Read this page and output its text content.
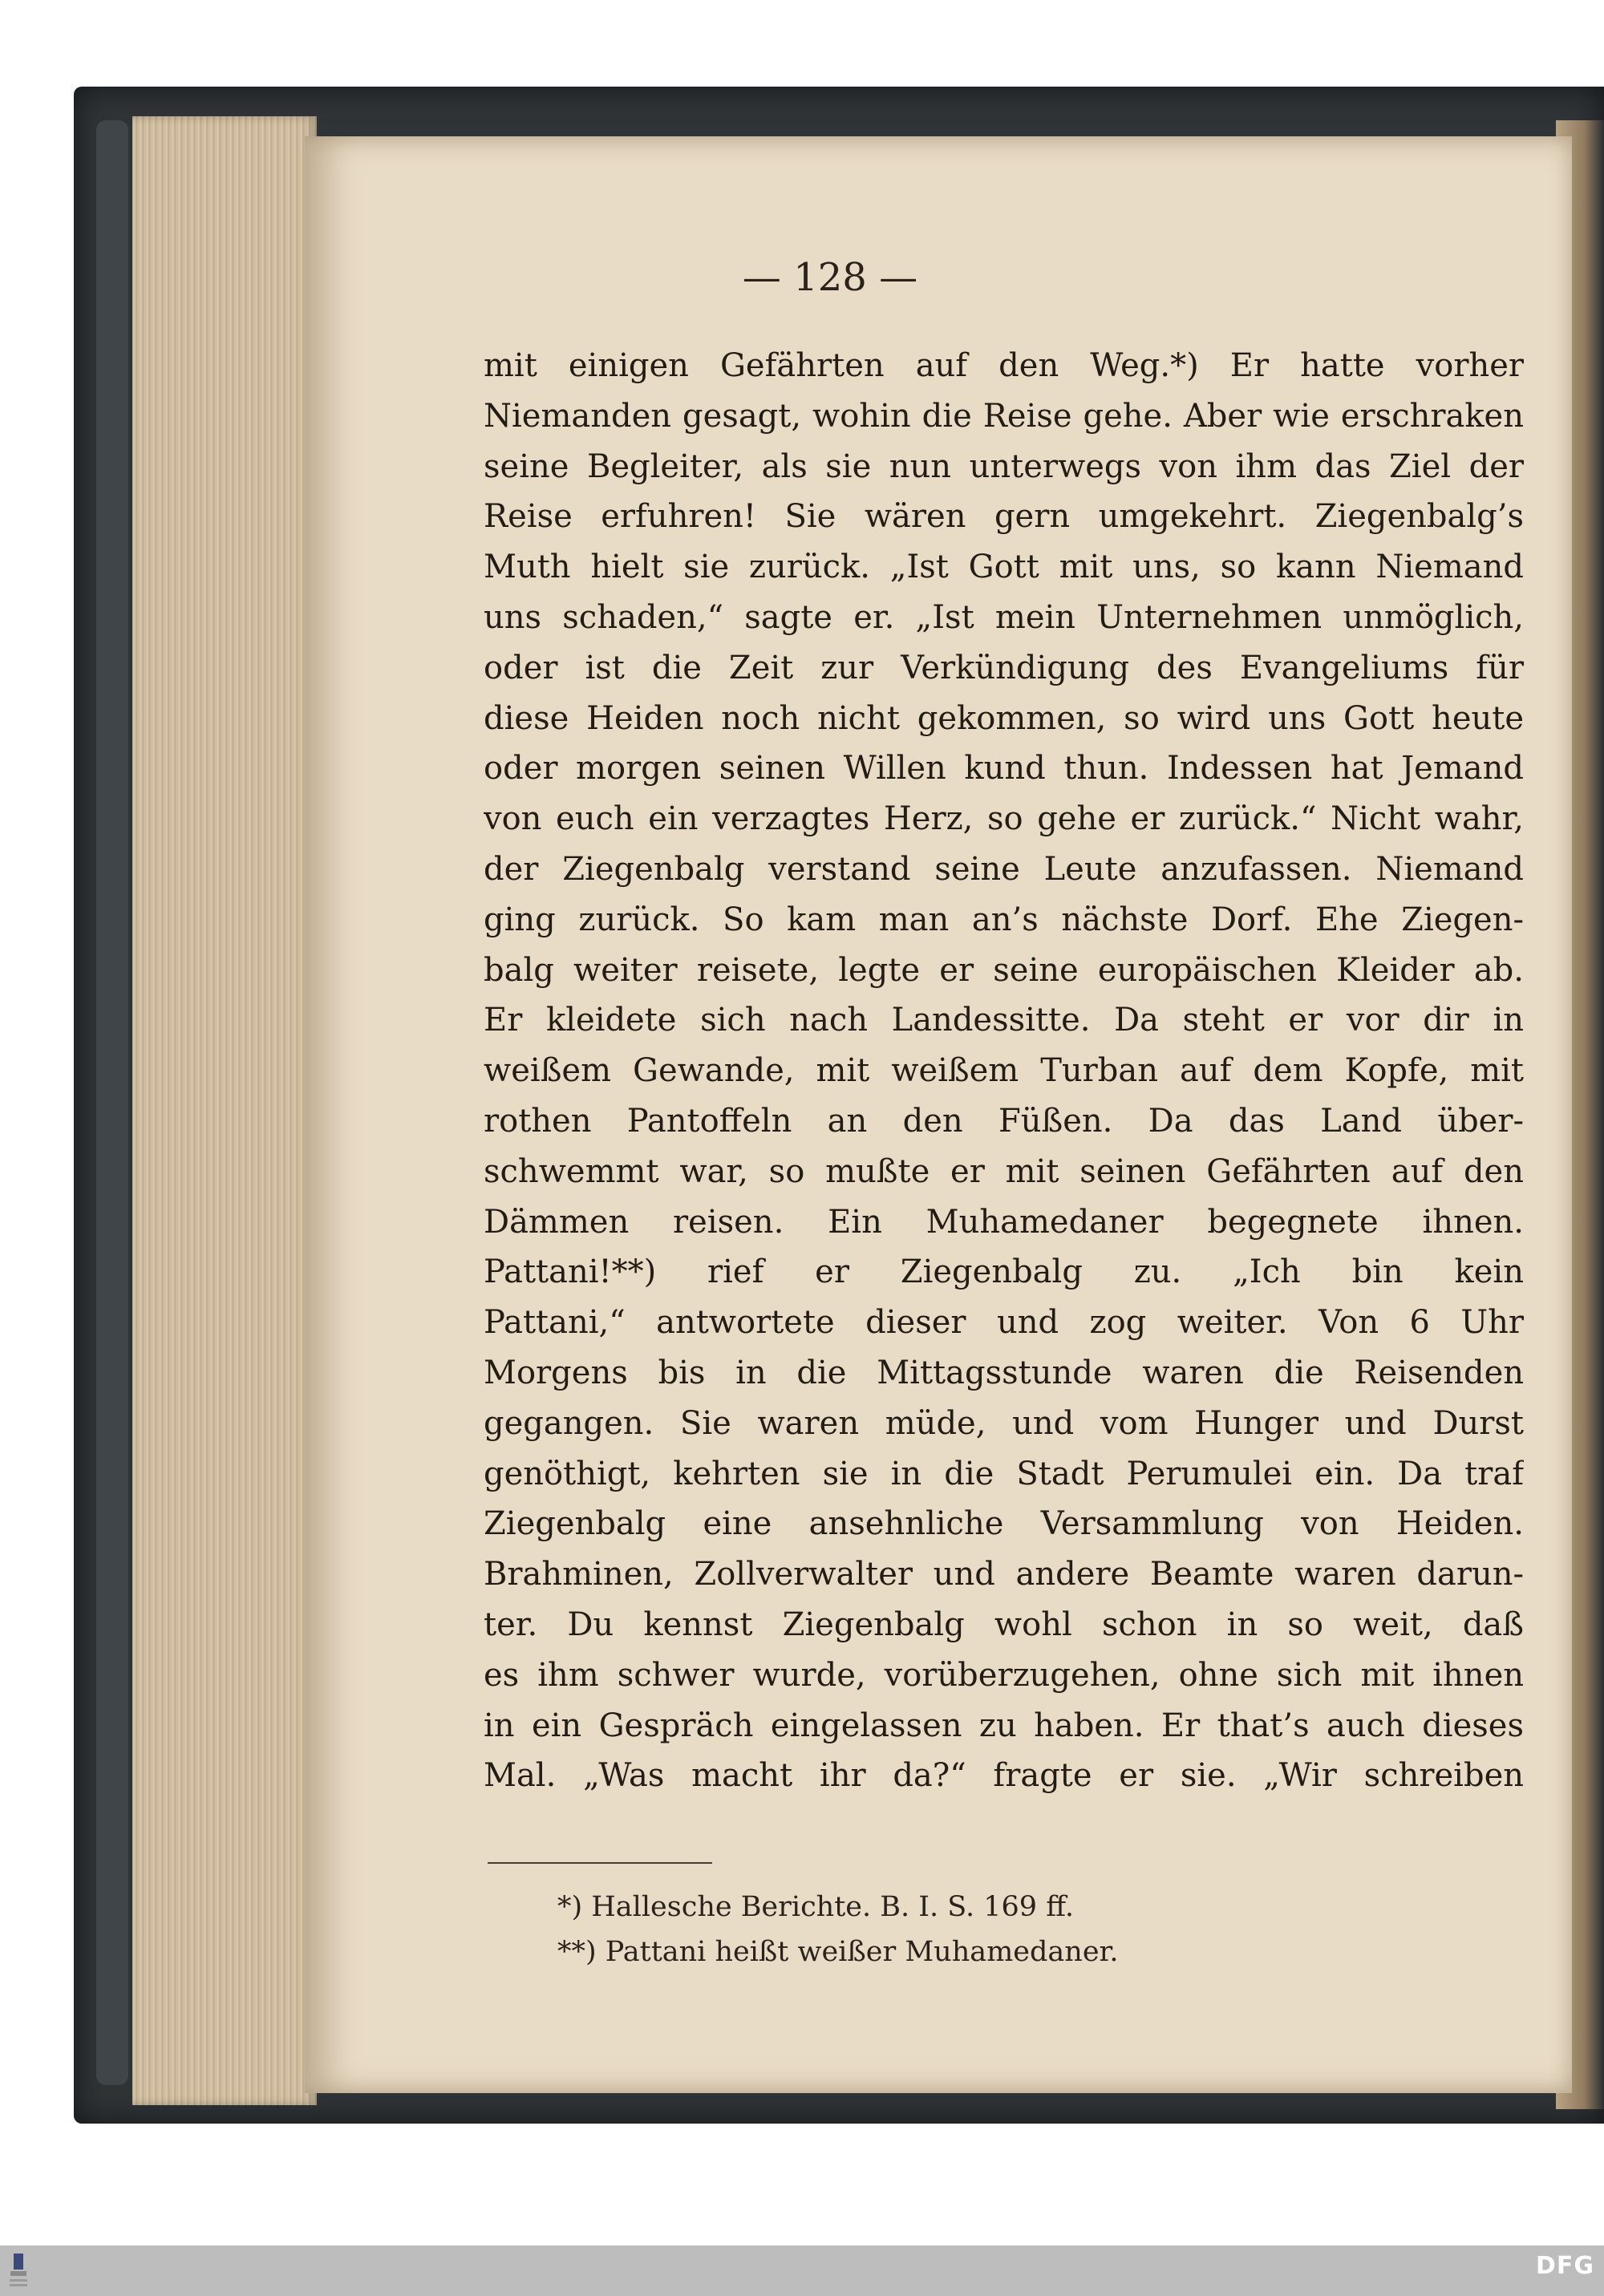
— 128 —
mit einigen Gefährten auf den Weg.*) Er hatte vorher
Niemanden gesagt, wohin die Reise gehe. Aber wie erschraken
seine Begleiter, als sie nun unterwegs von ihm das Ziel der
Reise erfuhren! Sie wären gern umgekehrt. Ziegenbalg’s
Muth hielt sie zurück. „Ist Gott mit uns, so kann Niemand
uns schaden,“ sagte er. „Ist mein Unternehmen unmöglich,
oder ist die Zeit zur Verkündigung des Evangeliums für
diese Heiden noch nicht gekommen, so wird uns Gott heute
oder morgen seinen Willen kund thun. Indessen hat Jemand
von euch ein verzagtes Herz, so gehe er zurück.“ Nicht wahr,
der Ziegenbalg verstand seine Leute anzufassen. Niemand
ging zurück. So kam man an’s nächste Dorf. Ehe Ziegen-
balg weiter reisete, legte er seine europäischen Kleider ab.
Er kleidete sich nach Landessitte. Da steht er vor dir in
weißem Gewande, mit weißem Turban auf dem Kopfe, mit
rothen Pantoffeln an den Füßen. Da das Land über-
schwemmt war, so mußte er mit seinen Gefährten auf den
Dämmen reisen. Ein Muhamedaner begegnete ihnen.
Pattani!**) rief er Ziegenbalg zu. „Ich bin kein
Pattani,“ antwortete dieser und zog weiter. Von 6 Uhr
Morgens bis in die Mittagsstunde waren die Reisenden
gegangen. Sie waren müde, und vom Hunger und Durst
genöthigt, kehrten sie in die Stadt Perumulei ein. Da traf
Ziegenbalg eine ansehnliche Versammlung von Heiden.
Brahminen, Zollverwalter und andere Beamte waren darun-
ter. Du kennst Ziegenbalg wohl schon in so weit, daß
es ihm schwer wurde, vorüberzugehen, ohne sich mit ihnen
in ein Gespräch eingelassen zu haben. Er that’s auch dieses
Mal. „Was macht ihr da?“ fragte er sie. „Wir schreiben
*) Hallesche Berichte. B. I. S. 169 ff.
**) Pattani heißt weißer Muhamedaner.
DFG
